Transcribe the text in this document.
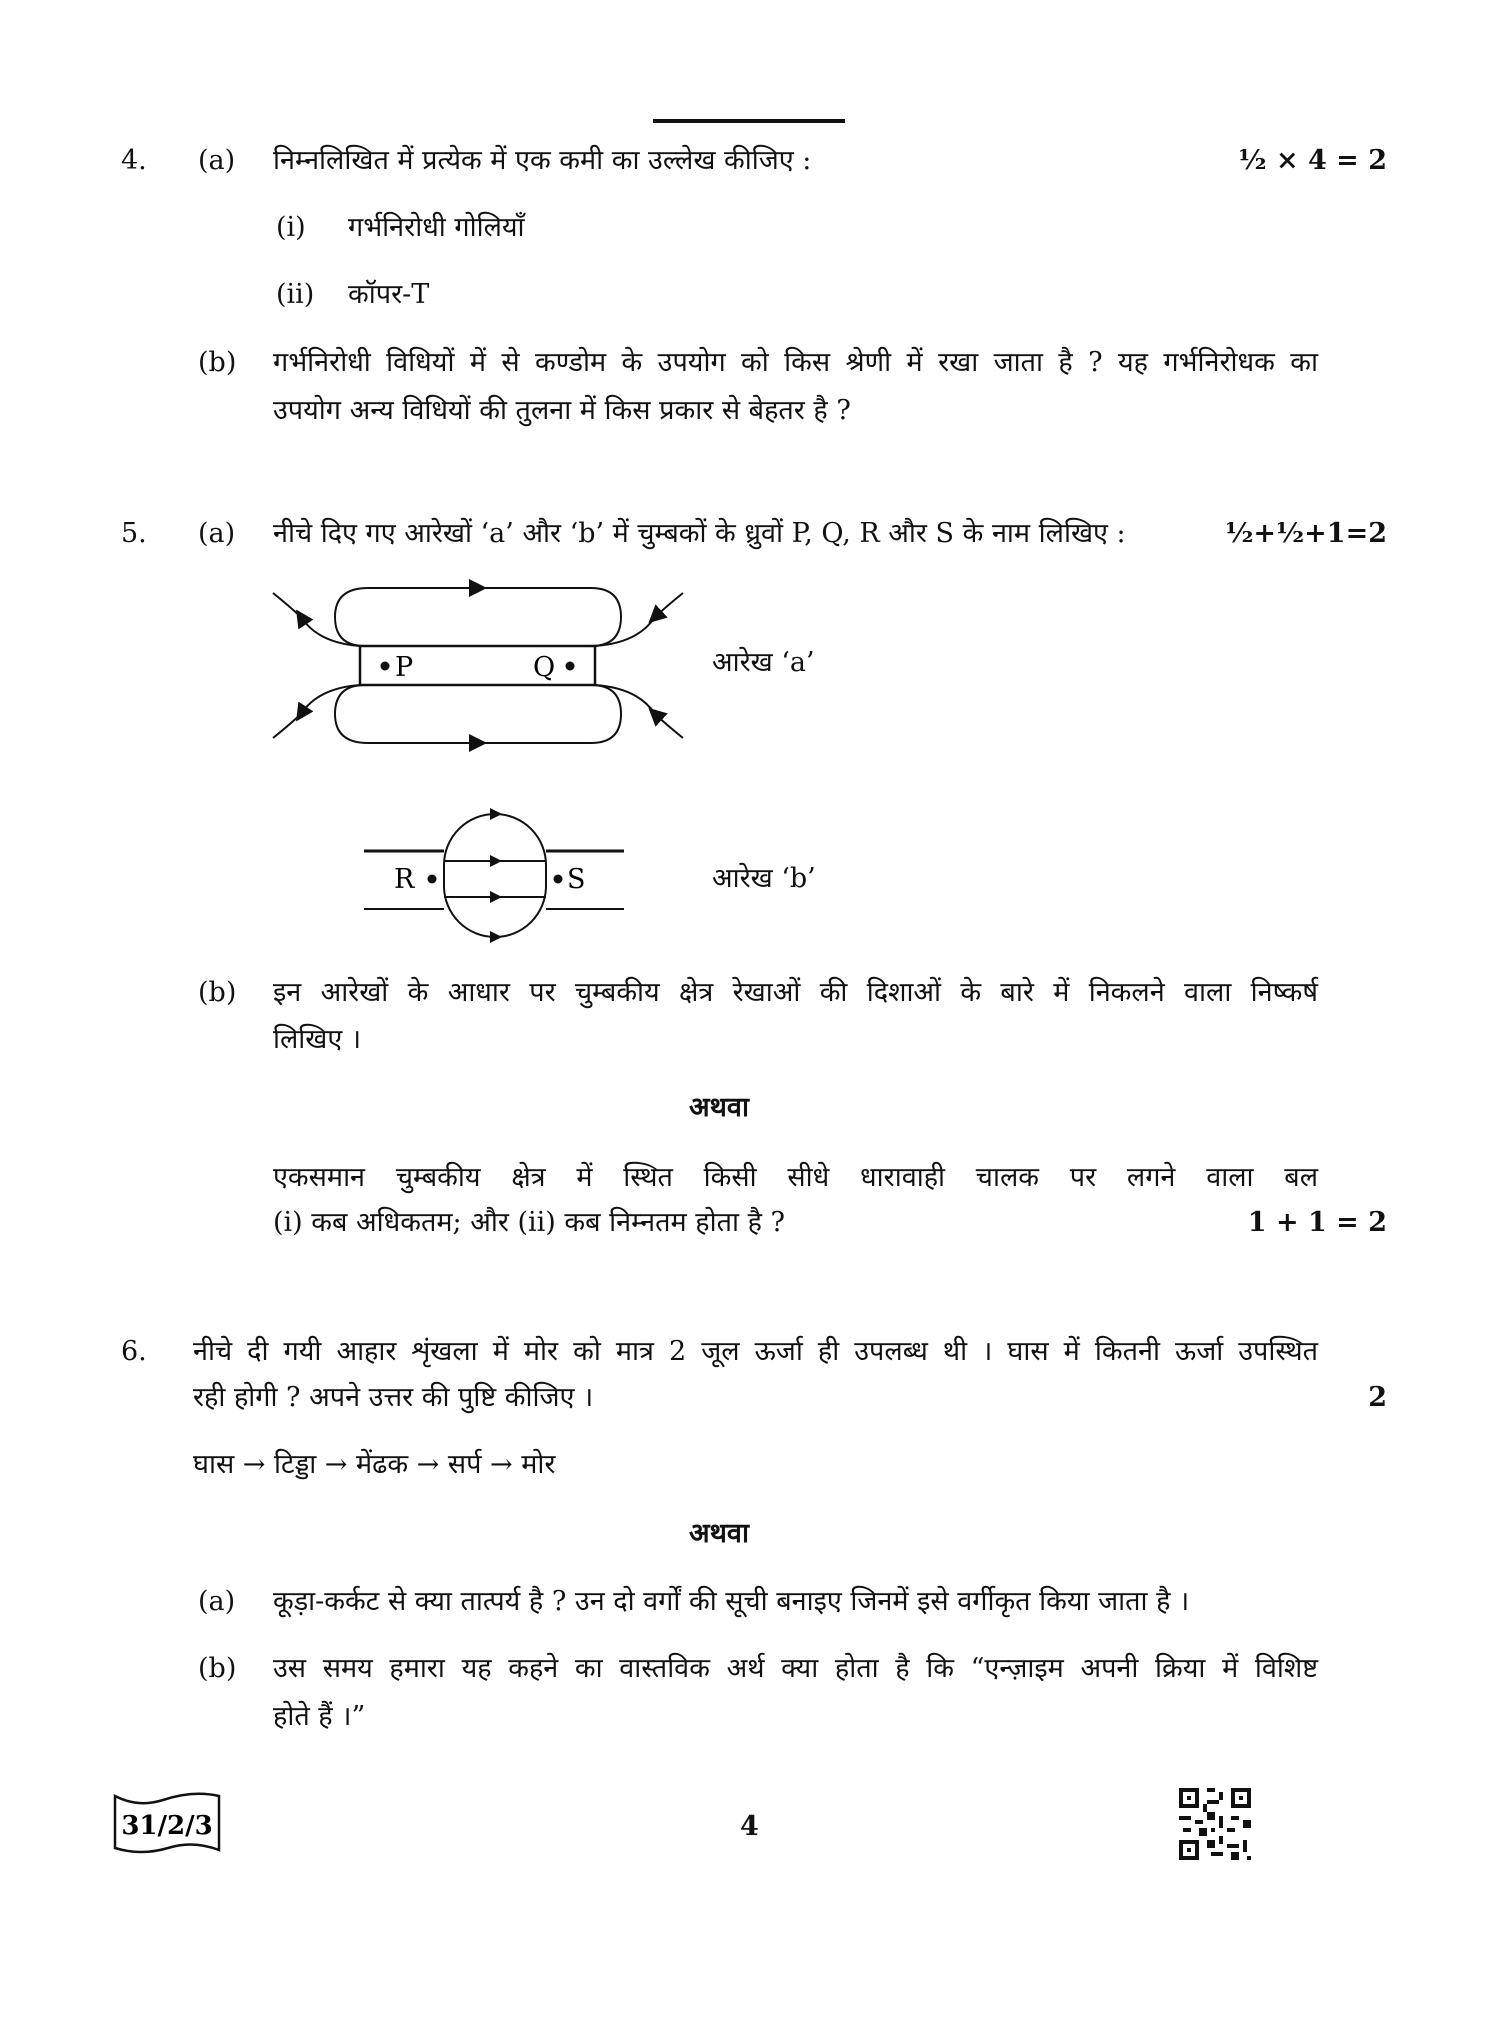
4. (a) निम्नलिखित में प्रत्येक में एक कमी का उल्लेख कीजिए :	½ × 4 = 2
(i) गर्भनिरोधी गोलियाँ
(ii) कॉपर-T
(b) गर्भनिरोधी विधियों में से कण्डोम के उपयोग को किस श्रेणी में रखा जाता है ? यह गर्भनिरोधक का
उपयोग अन्य विधियों की तुलना में किस प्रकार से बेहतर है ?
5. (a) नीचे दिए गए आरेखों ‘a’ और ‘b’ में चुम्बकों के ध्रुवों P, Q, R और S के नाम लिखिए :	½+½+1=2
P	Q	आरेख ‘a’
R	S	आरेख ‘b’
(b) इन आरेखों के आधार पर चुम्बकीय क्षेत्र रेखाओं की दिशाओं के बारे में निकलने वाला निष्कर्ष
लिखिए ।
अथवा
एकसमान चुम्बकीय क्षेत्र में स्थित किसी सीधे धारावाही चालक पर लगने वाला बल
(i) कब अधिकतम; और (ii) कब निम्नतम होता है ?	1 + 1 = 2
6. नीचे दी गयी आहार शृंखला में मोर को मात्र 2 जूल ऊर्जा ही उपलब्ध थी । घास में कितनी ऊर्जा उपस्थित
रही होगी ? अपने उत्तर की पुष्टि कीजिए ।	2
घास → टिड्डा → मेंढक → सर्प → मोर
अथवा
(a) कूड़ा-कर्कट से क्या तात्पर्य है ? उन दो वर्गों की सूची बनाइए जिनमें इसे वर्गीकृत किया जाता है ।
(b) उस समय हमारा यह कहने का वास्तविक अर्थ क्या होता है कि “एन्ज़ाइम अपनी क्रिया में विशिष्ट
होते हैं ।”
31/2/3	4
